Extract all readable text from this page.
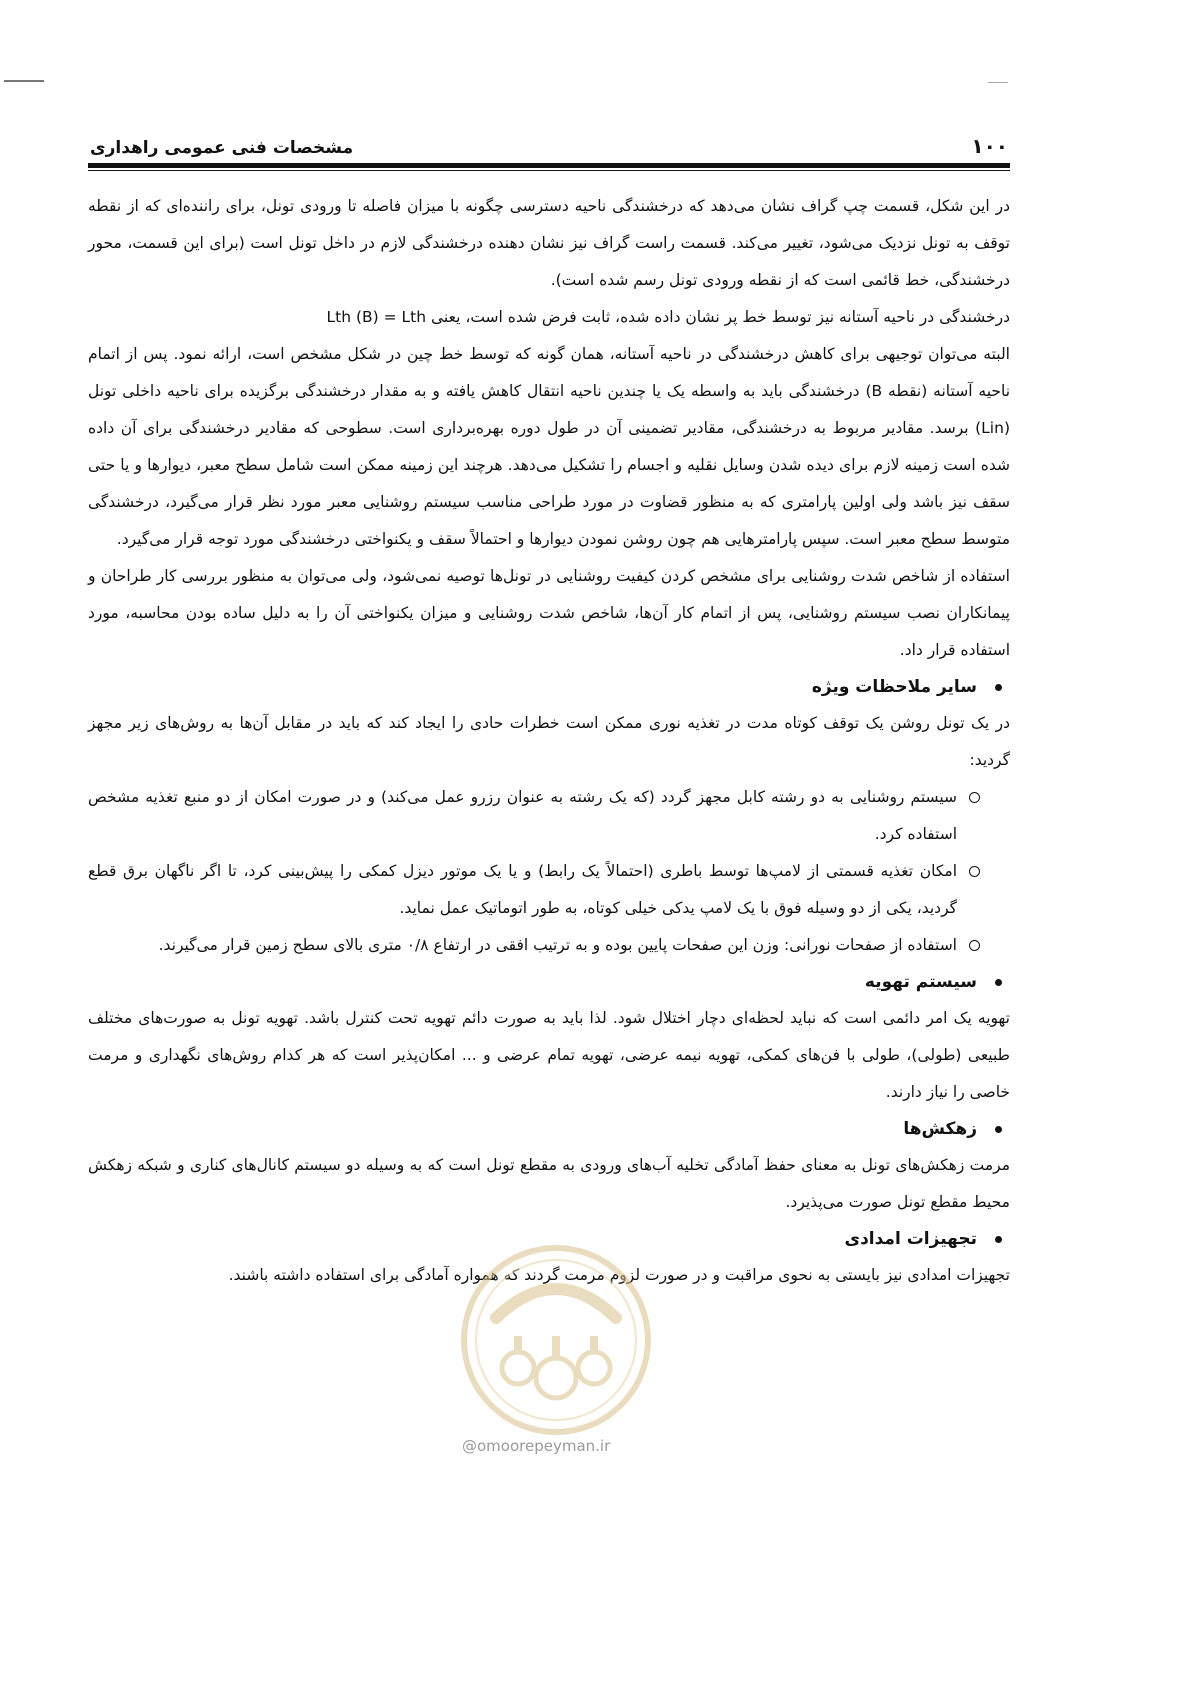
۱۰۰
مشخصات فنی عمومی راهداری

در این شکل، قسمت چپ گراف نشان می‌دهد که درخشندگی ناحیه دسترسی چگونه با میزان فاصله تا ورودی تونل، برای راننده‌ای که از نقطه توقف به تونل نزدیک می‌شود، تغییر می‌کند. قسمت راست گراف نیز نشان دهنده درخشندگی لازم در داخل تونل است (برای این قسمت، محور درخشندگی، خط قائمی است که از نقطه ورودی تونل رسم شده است).

درخشندگی در ناحیه آستانه نیز توسط خط پر نشان داده شده، ثابت فرض شده است، یعنی Lth (B) = Lth

البته می‌توان توجیهی برای کاهش درخشندگی در ناحیه آستانه، همان گونه که توسط خط چین در شکل مشخص است، ارائه نمود. پس از اتمام ناحیه آستانه (نقطه B) درخشندگی باید به واسطه یک یا چندین ناحیه انتقال کاهش یافته و به مقدار درخشندگی برگزیده برای ناحیه داخلی تونل (Lin) برسد. مقادیر مربوط به درخشندگی، مقادیر تضمینی آن در طول دوره بهره‌برداری است. سطوحی که مقادیر درخشندگی برای آن داده شده است زمینه لازم برای دیده شدن وسایل نقلیه و اجسام را تشکیل می‌دهد. هرچند این زمینه ممکن است شامل سطح معبر، دیوارها و یا حتی سقف نیز باشد ولی اولین پارامتری که به منظور قضاوت در مورد طراحی مناسب سیستم روشنایی معبر مورد نظر قرار می‌گیرد، درخشندگی متوسط سطح معبر است. سپس پارامترهایی هم چون روشن نمودن دیوارها و احتمالاً سقف و یکنواختی درخشندگی مورد توجه قرار می‌گیرد.

استفاده از شاخص شدت روشنایی برای مشخص کردن کیفیت روشنایی در تونل‌ها توصیه نمی‌شود، ولی می‌توان به منظور بررسی کار طراحان و پیمانکاران نصب سیستم روشنایی، پس از اتمام کار آن‌ها، شاخص شدت روشنایی و میزان یکنواختی آن را به دلیل ساده بودن محاسبه، مورد استفاده قرار داد.

سایر ملاحظات ویژه

در یک تونل روشن یک توقف کوتاه مدت در تغذیه نوری ممکن است خطرات حادی را ایجاد کند که باید در مقابل آن‌ها به روش‌های زیر مجهز گردید:

سیستم روشنایی به دو رشته کابل مجهز گردد (که یک رشته به عنوان رزرو عمل می‌کند) و در صورت امکان از دو منبع تغذیه مشخص استفاده کرد.
امکان تغذیه قسمتی از لامپ‌ها توسط باطری (احتمالاً یک رابط) و یا یک موتور دیزل کمکی را پیش‌بینی کرد، تا اگر ناگهان برق قطع گردید، یکی از دو وسیله فوق با یک لامپ یدکی خیلی کوتاه، به طور اتوماتیک عمل نماید.
استفاده از صفحات نورانی: وزن این صفحات پایین بوده و به ترتیب افقی در ارتفاع ۰/۸ متری بالای سطح زمین قرار می‌گیرند.
سیستم تهویه

تهویه یک امر دائمی است که نباید لحظه‌ای دچار اختلال شود. لذا باید به صورت دائم تهویه تحت کنترل باشد. تهویه تونل به صورت‌های مختلف طبیعی (طولی)، طولی با فن‌های کمکی، تهویه نیمه عرضی، تهویه تمام عرضی و ... امکان‌پذیر است که هر کدام روش‌های نگهداری و مرمت خاصی را نیاز دارند.

زهکش‌ها

مرمت زهکش‌های تونل به معنای حفظ آمادگی تخلیه آب‌های ورودی به مقطع تونل است که به وسیله دو سیستم کانال‌های کناری و شبکه زهکش محیط مقطع تونل صورت می‌پذیرد.

تجهیزات امدادی

تجهیزات امدادی نیز بایستی به نحوی مراقبت و در صورت لزوم مرمت گردند که همواره آمادگی برای استفاده داشته باشند.

@omoorepeyman.ir
